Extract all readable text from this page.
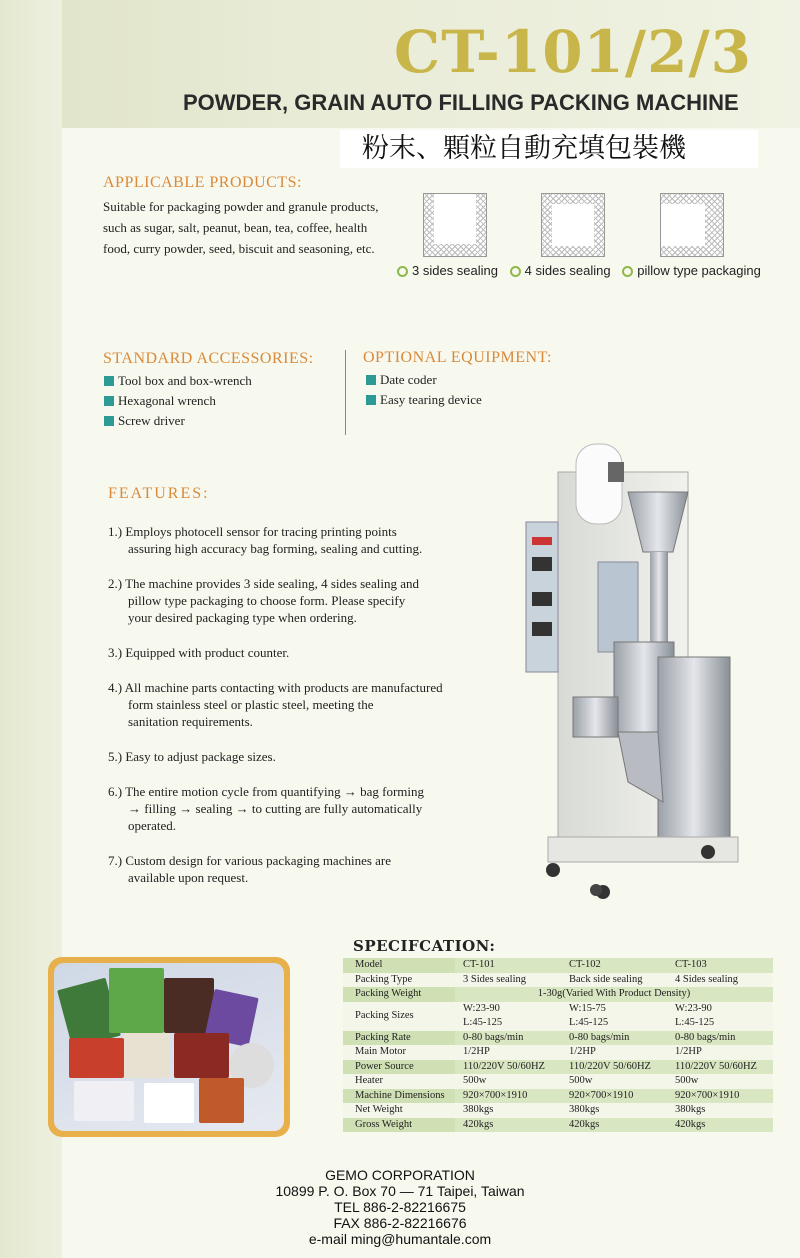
CT-101/2/3
POWDER, GRAIN AUTO FILLING PACKING MACHINE
粉末、顆粒自動充填包裝機
APPLICABLE PRODUCTS:
Suitable for packaging powder and granule products, such as sugar, salt, peanut, bean, tea, coffee, health food, curry powder, seed, biscuit and seasoning, etc.
3 sides sealing 4 sides sealing pillow type packaging
STANDARD ACCESSORIES:
Tool box and box-wrench
Hexagonal wrench
Screw driver
OPTIONAL EQUIPMENT:
Date coder
Easy tearing device
FEATURES:
1.) Employs photocell sensor for tracing printing points
assuring high accuracy bag forming, sealing and cutting.
2.) The machine provides 3 side sealing, 4 sides sealing and
pillow type packaging to choose form. Please specify
your desired packaging type when ordering.
3.) Equipped with product counter.
4.) All machine parts contacting with products are manufactured
form stainless steel or plastic steel, meeting the
sanitation requirements.
5.) Easy to adjust package sizes.
6.) The entire motion cycle from quantifying → bag forming
→ filling → sealing → to cutting are fully automatically
operated.
7.) Custom design for various packaging machines are
available upon request.
SPECIFCATION:
Model	CT-101	CT-102	CT-103
Packing Type	3 Sides sealing	Back side sealing	4 Sides sealing
Packing Weight	1-30g(Varied With Product Density)		
Packing Sizes	W:23-90	W:15-75	W:23-90
	L:45-125	L:45-125	L:45-125
Packing Rate	0-80 bags/min	0-80 bags/min	0-80 bags/min
Main Motor	1/2HP	1/2HP	1/2HP
Power Source	110/220V 50/60HZ	110/220V 50/60HZ	110/220V 50/60HZ
Heater	500w	500w	500w
Machine Dimensions	920×700×1910	920×700×1910	920×700×1910
Net Weight	380kgs	380kgs	380kgs
Gross Weight	420kgs	420kgs	420kgs
GEMO CORPORATION
10899 P. O. Box 70 — 71 Taipei, Taiwan
TEL 886-2-82216675
FAX 886-2-82216676
e-mail ming@humantale.com
